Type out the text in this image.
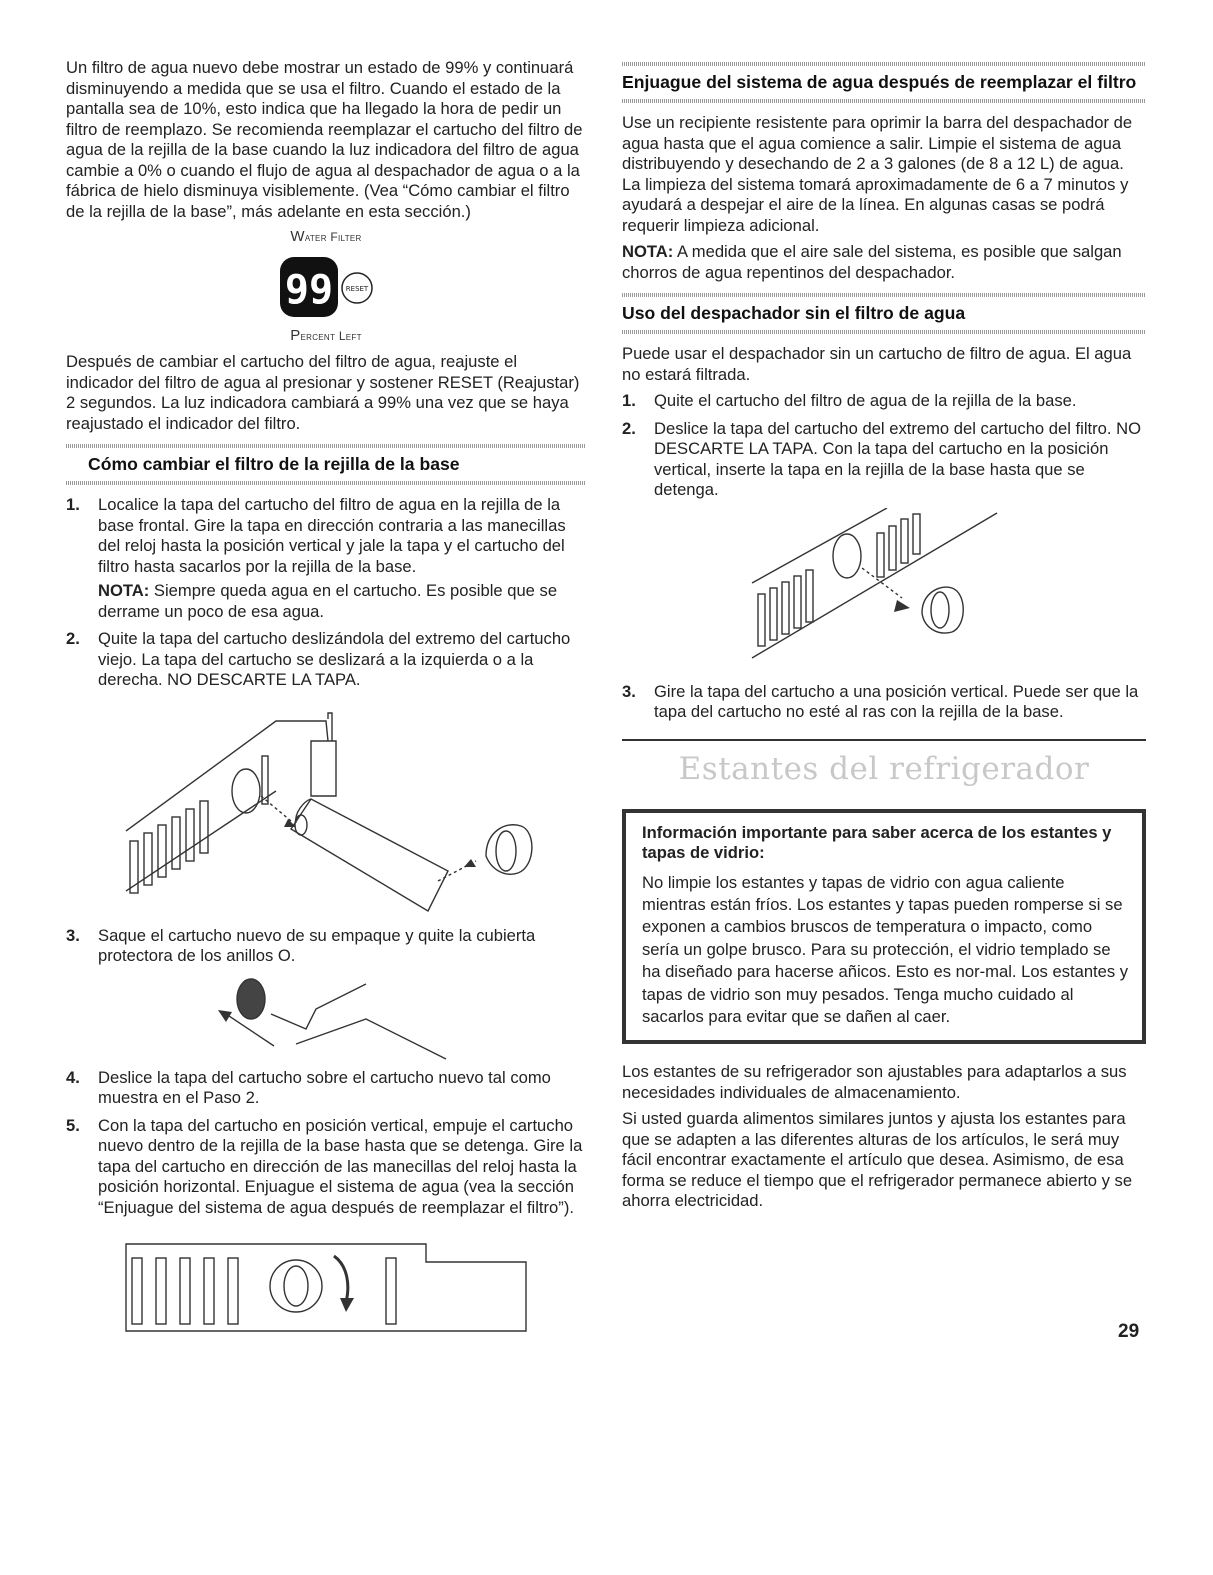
Un filtro de agua nuevo debe mostrar un estado de 99% y continuará disminuyendo a medida que se usa el filtro. Cuando el estado de la pantalla sea de 10%, esto indica que ha llegado la hora de pedir un filtro de reemplazo. Se recomienda reemplazar el cartucho del filtro de agua de la rejilla de la base cuando la luz indicadora del filtro de agua cambie a 0% o cuando el flujo de agua al despachador de agua o a la fábrica de hielo disminuya visiblemente. (Vea “Cómo cambiar el filtro de la rejilla de la base”, más adelante en esta sección.)

Water Filter
99 RESET
Percent Left

Después de cambiar el cartucho del filtro de agua, reajuste el indicador del filtro de agua al presionar y sostener RESET (Reajustar) 2 segundos. La luz indicadora cambiará a 99% una vez que se haya reajustado el indicador del filtro.

Cómo cambiar el filtro de la rejilla de la base
1. Localice la tapa del cartucho del filtro de agua en la rejilla de la base frontal. Gire la tapa en dirección contraria a las manecillas del reloj hasta la posición vertical y jale la tapa y el cartucho del filtro hasta sacarlos por la rejilla de la base.

NOTA: Siempre queda agua en el cartucho. Es posible que se derrame un poco de esa agua.

2. Quite la tapa del cartucho deslizándola del extremo del cartucho viejo. La tapa del cartucho se deslizará a la izquierda o a la derecha. NO DESCARTE LA TAPA.
3. Saque el cartucho nuevo de su empaque y quite la cubierta protectora de los anillos O.
4. Deslice la tapa del cartucho sobre el cartucho nuevo tal como muestra en el Paso 2.
5. Con la tapa del cartucho en posición vertical, empuje el cartucho nuevo dentro de la rejilla de la base hasta que se detenga. Gire la tapa del cartucho en dirección de las manecillas del reloj hasta la posición horizontal. Enjuague el sistema de agua (vea la sección “Enjuague del sistema de agua después de reemplazar el filtro”).
Enjuague del sistema de agua después de reemplazar el filtro

Use un recipiente resistente para oprimir la barra del despachador de agua hasta que el agua comience a salir. Limpie el sistema de agua distribuyendo y desechando de 2 a 3 galones (de 8 a 12 L) de agua. La limpieza del sistema tomará aproximadamente de 6 a 7 minutos y ayudará a despejar el aire de la línea. En algunas casas se podrá requerir limpieza adicional.

NOTA: A medida que el aire sale del sistema, es posible que salgan chorros de agua repentinos del despachador.

Uso del despachador sin el filtro de agua

Puede usar el despachador sin un cartucho de filtro de agua. El agua no estará filtrada.

1. Quite el cartucho del filtro de agua de la rejilla de la base.
2. Deslice la tapa del cartucho del extremo del cartucho del filtro. NO DESCARTE LA TAPA. Con la tapa del cartucho en la posición vertical, inserte la tapa en la rejilla de la base hasta que se detenga.
3. Gire la tapa del cartucho a una posición vertical. Puede ser que la tapa del cartucho no esté al ras con la rejilla de la base.
Estantes del refrigerador
Información importante para saber acerca de los estantes y tapas de vidrio:

No limpie los estantes y tapas de vidrio con agua caliente mientras están fríos. Los estantes y tapas pueden romperse si se exponen a cambios bruscos de temperatura o impacto, como sería un golpe brusco. Para su protección, el vidrio templado se ha diseñado para hacerse añicos. Esto es nor-mal. Los estantes y tapas de vidrio son muy pesados. Tenga mucho cuidado al sacarlos para evitar que se dañen al caer.

Los estantes de su refrigerador son ajustables para adaptarlos a sus necesidades individuales de almacenamiento.

Si usted guarda alimentos similares juntos y ajusta los estantes para que se adapten a las diferentes alturas de los artículos, le será muy fácil encontrar exactamente el artículo que desea. Asimismo, de esa forma se reduce el tiempo que el refrigerador permanece abierto y se ahorra electricidad.

29
